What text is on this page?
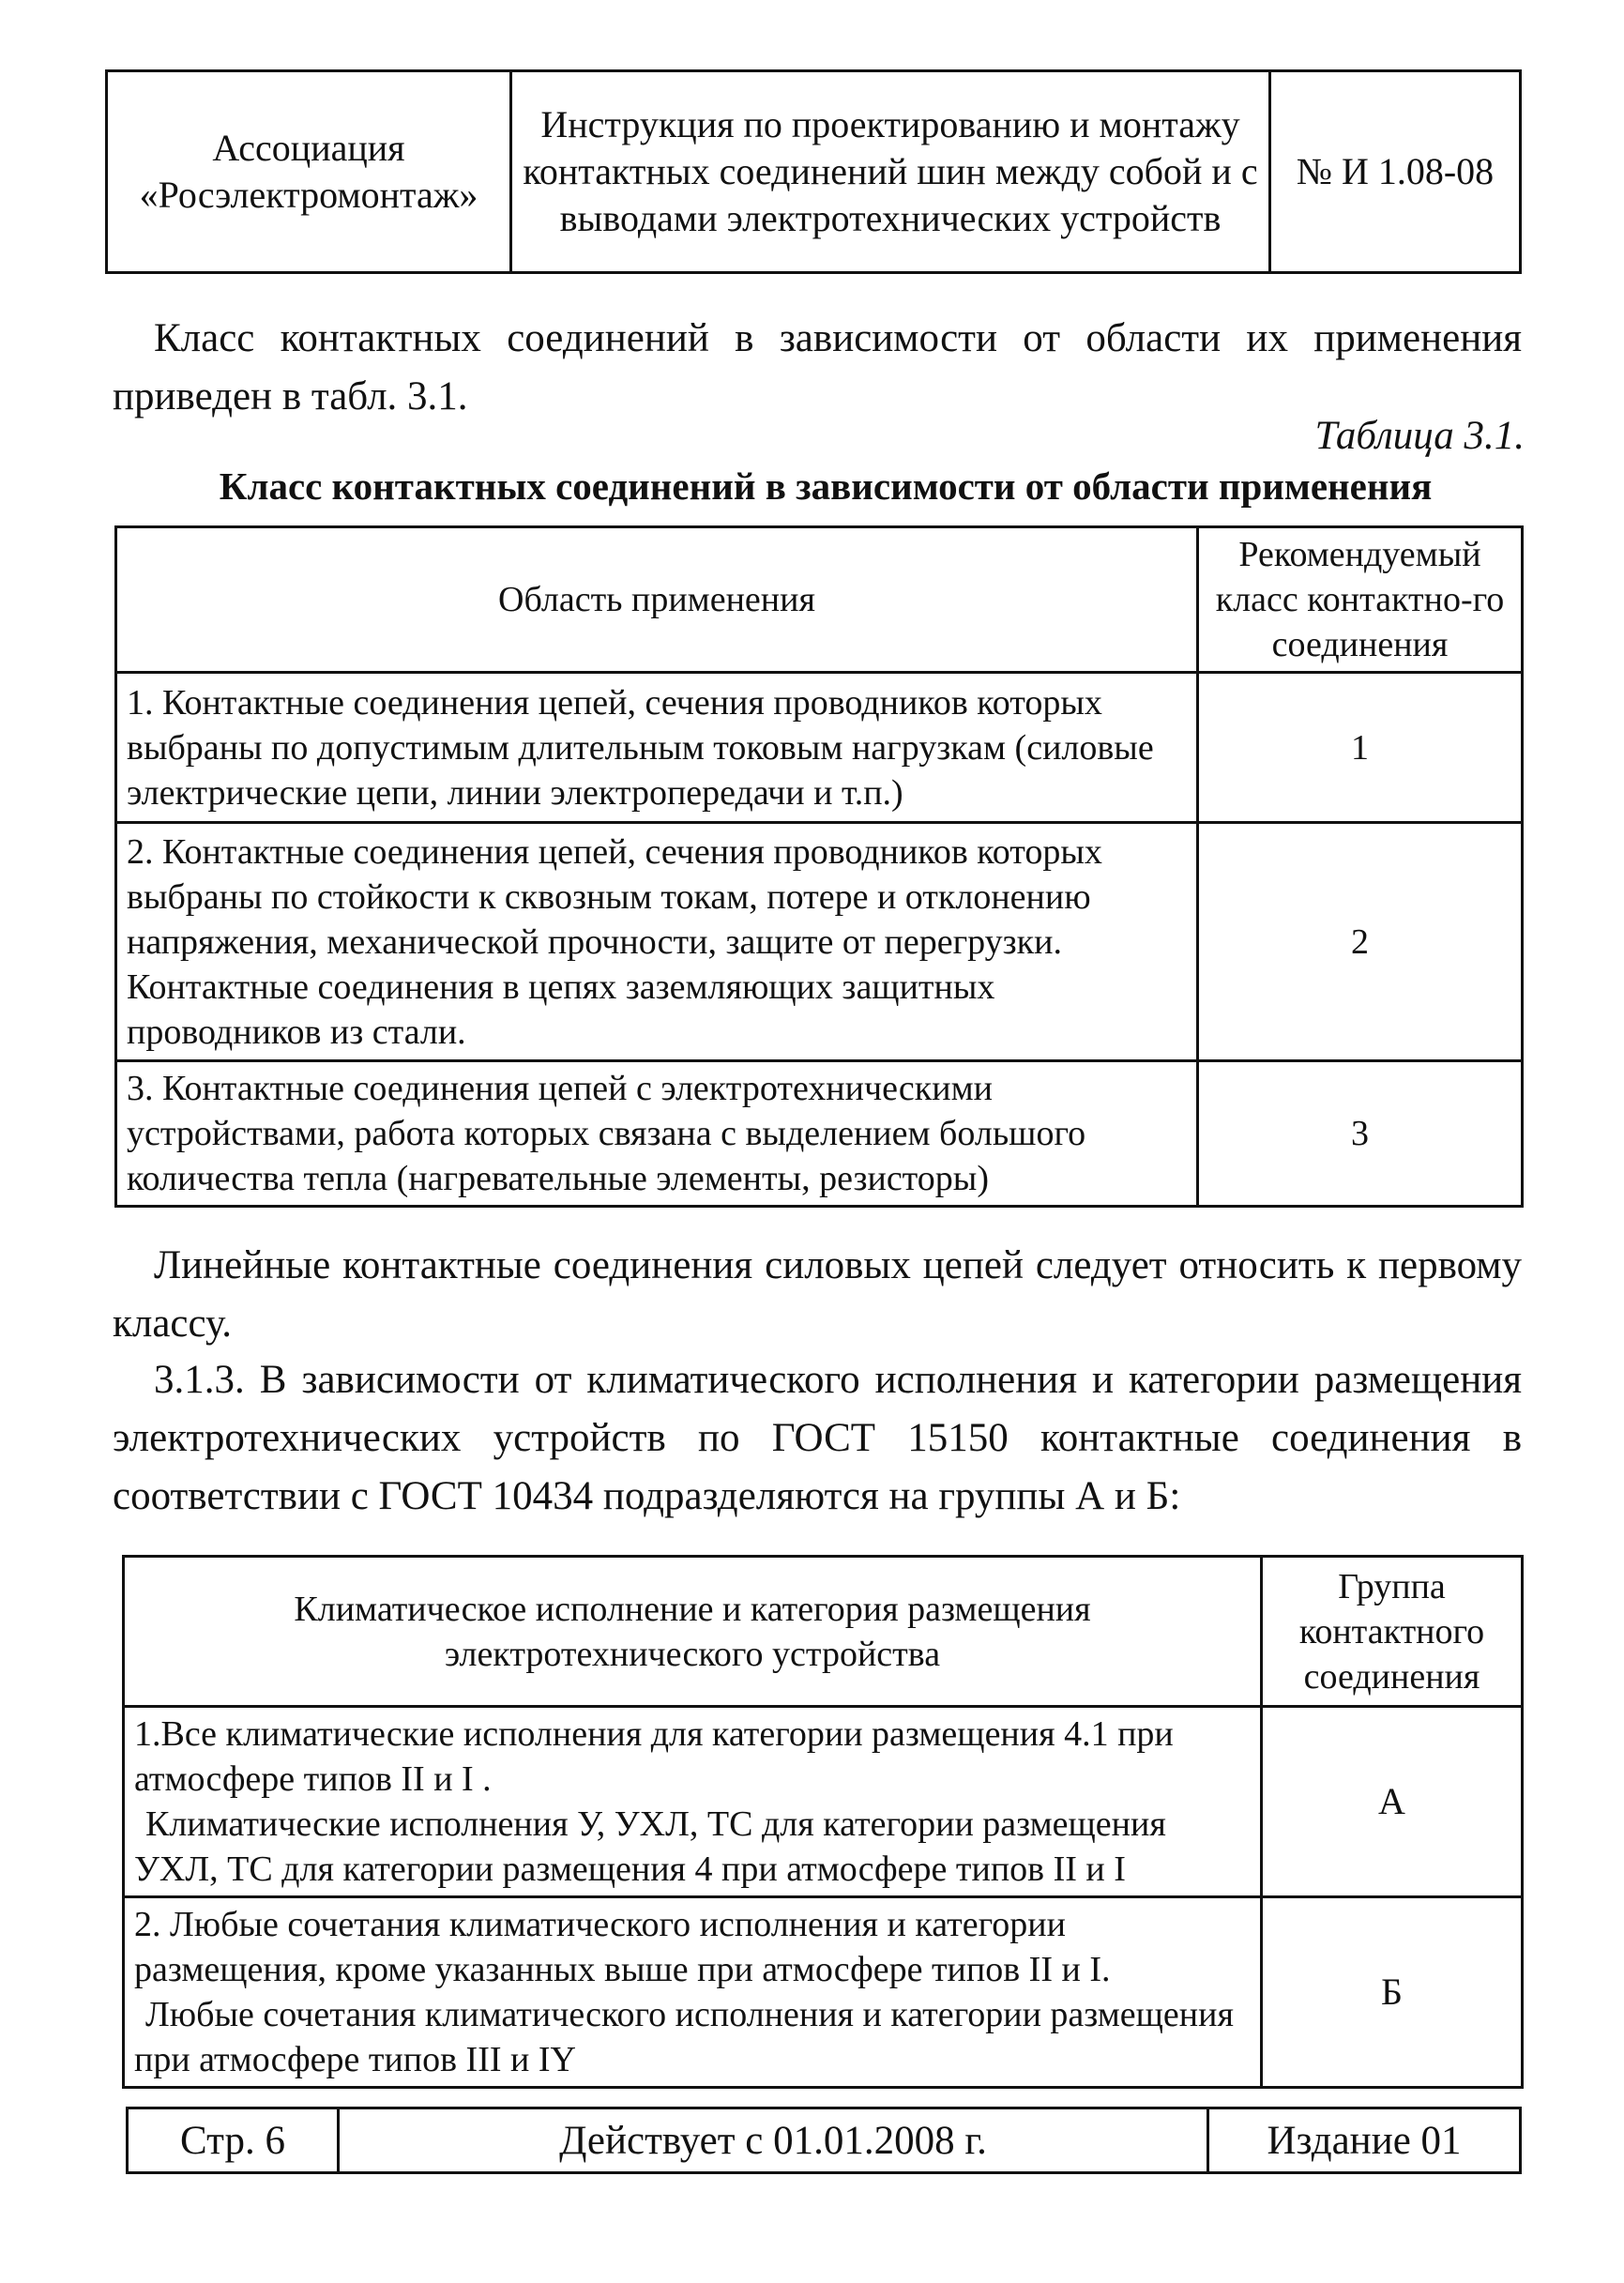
Ассоциация «Росэлектромонтаж»	Инструкция по проектированию и монтажу контактных соединений шин между собой и с выводами электротехнических устройств	№ И 1.08-08
Класс контактных соединений в зависимости от области их применения приведен в табл. 3.1.
Таблица 3.1.
Класс контактных соединений в зависимости от области применения
Область применения	Рекомендуемый класс контактно-го соединения
1. Контактные соединения цепей, сечения проводников которых выбраны по допустимым длительным токовым нагрузкам (силовые электрические цепи, линии электропередачи и т.п.)	1
2. Контактные соединения цепей, сечения проводников которых выбраны по стойкости к сквозным токам, потере и отклонению напряжения, механической прочности, защите от перегрузки. Контактные соединения в цепях заземляющих защитных проводников из стали.	2
3. Контактные соединения цепей с электротехническими устройствами, работа которых связана с выделением большого количества тепла (нагревательные элементы, резисторы)	3
Линейные контактные соединения силовых цепей следует относить к первому классу.
3.1.3. В зависимости от климатического исполнения и категории размещения электротехнических устройств по ГОСТ 15150 контактные соединения в соответствии с ГОСТ 10434 подразделяются на группы А и Б:
Климатическое исполнение и категория размещения электротехнического устройства	Группа контактного соединения

1.Все климатические исполнения для категории размещения 4.1 при атмосфере типов II и I .
Климатические исполнения У, УХЛ, ТС для категории размещения УХЛ, ТС для категории размещения 4 при атмосфере типов II и I	А

2. Любые сочетания климатического исполнения и категории размещения, кроме указанных выше при атмосфере типов II и I.
Любые сочетания климатического исполнения и категории размещения при атмосфере типов III и IY	Б
Стр. 6	Действует с 01.01.2008 г.	Издание 01
